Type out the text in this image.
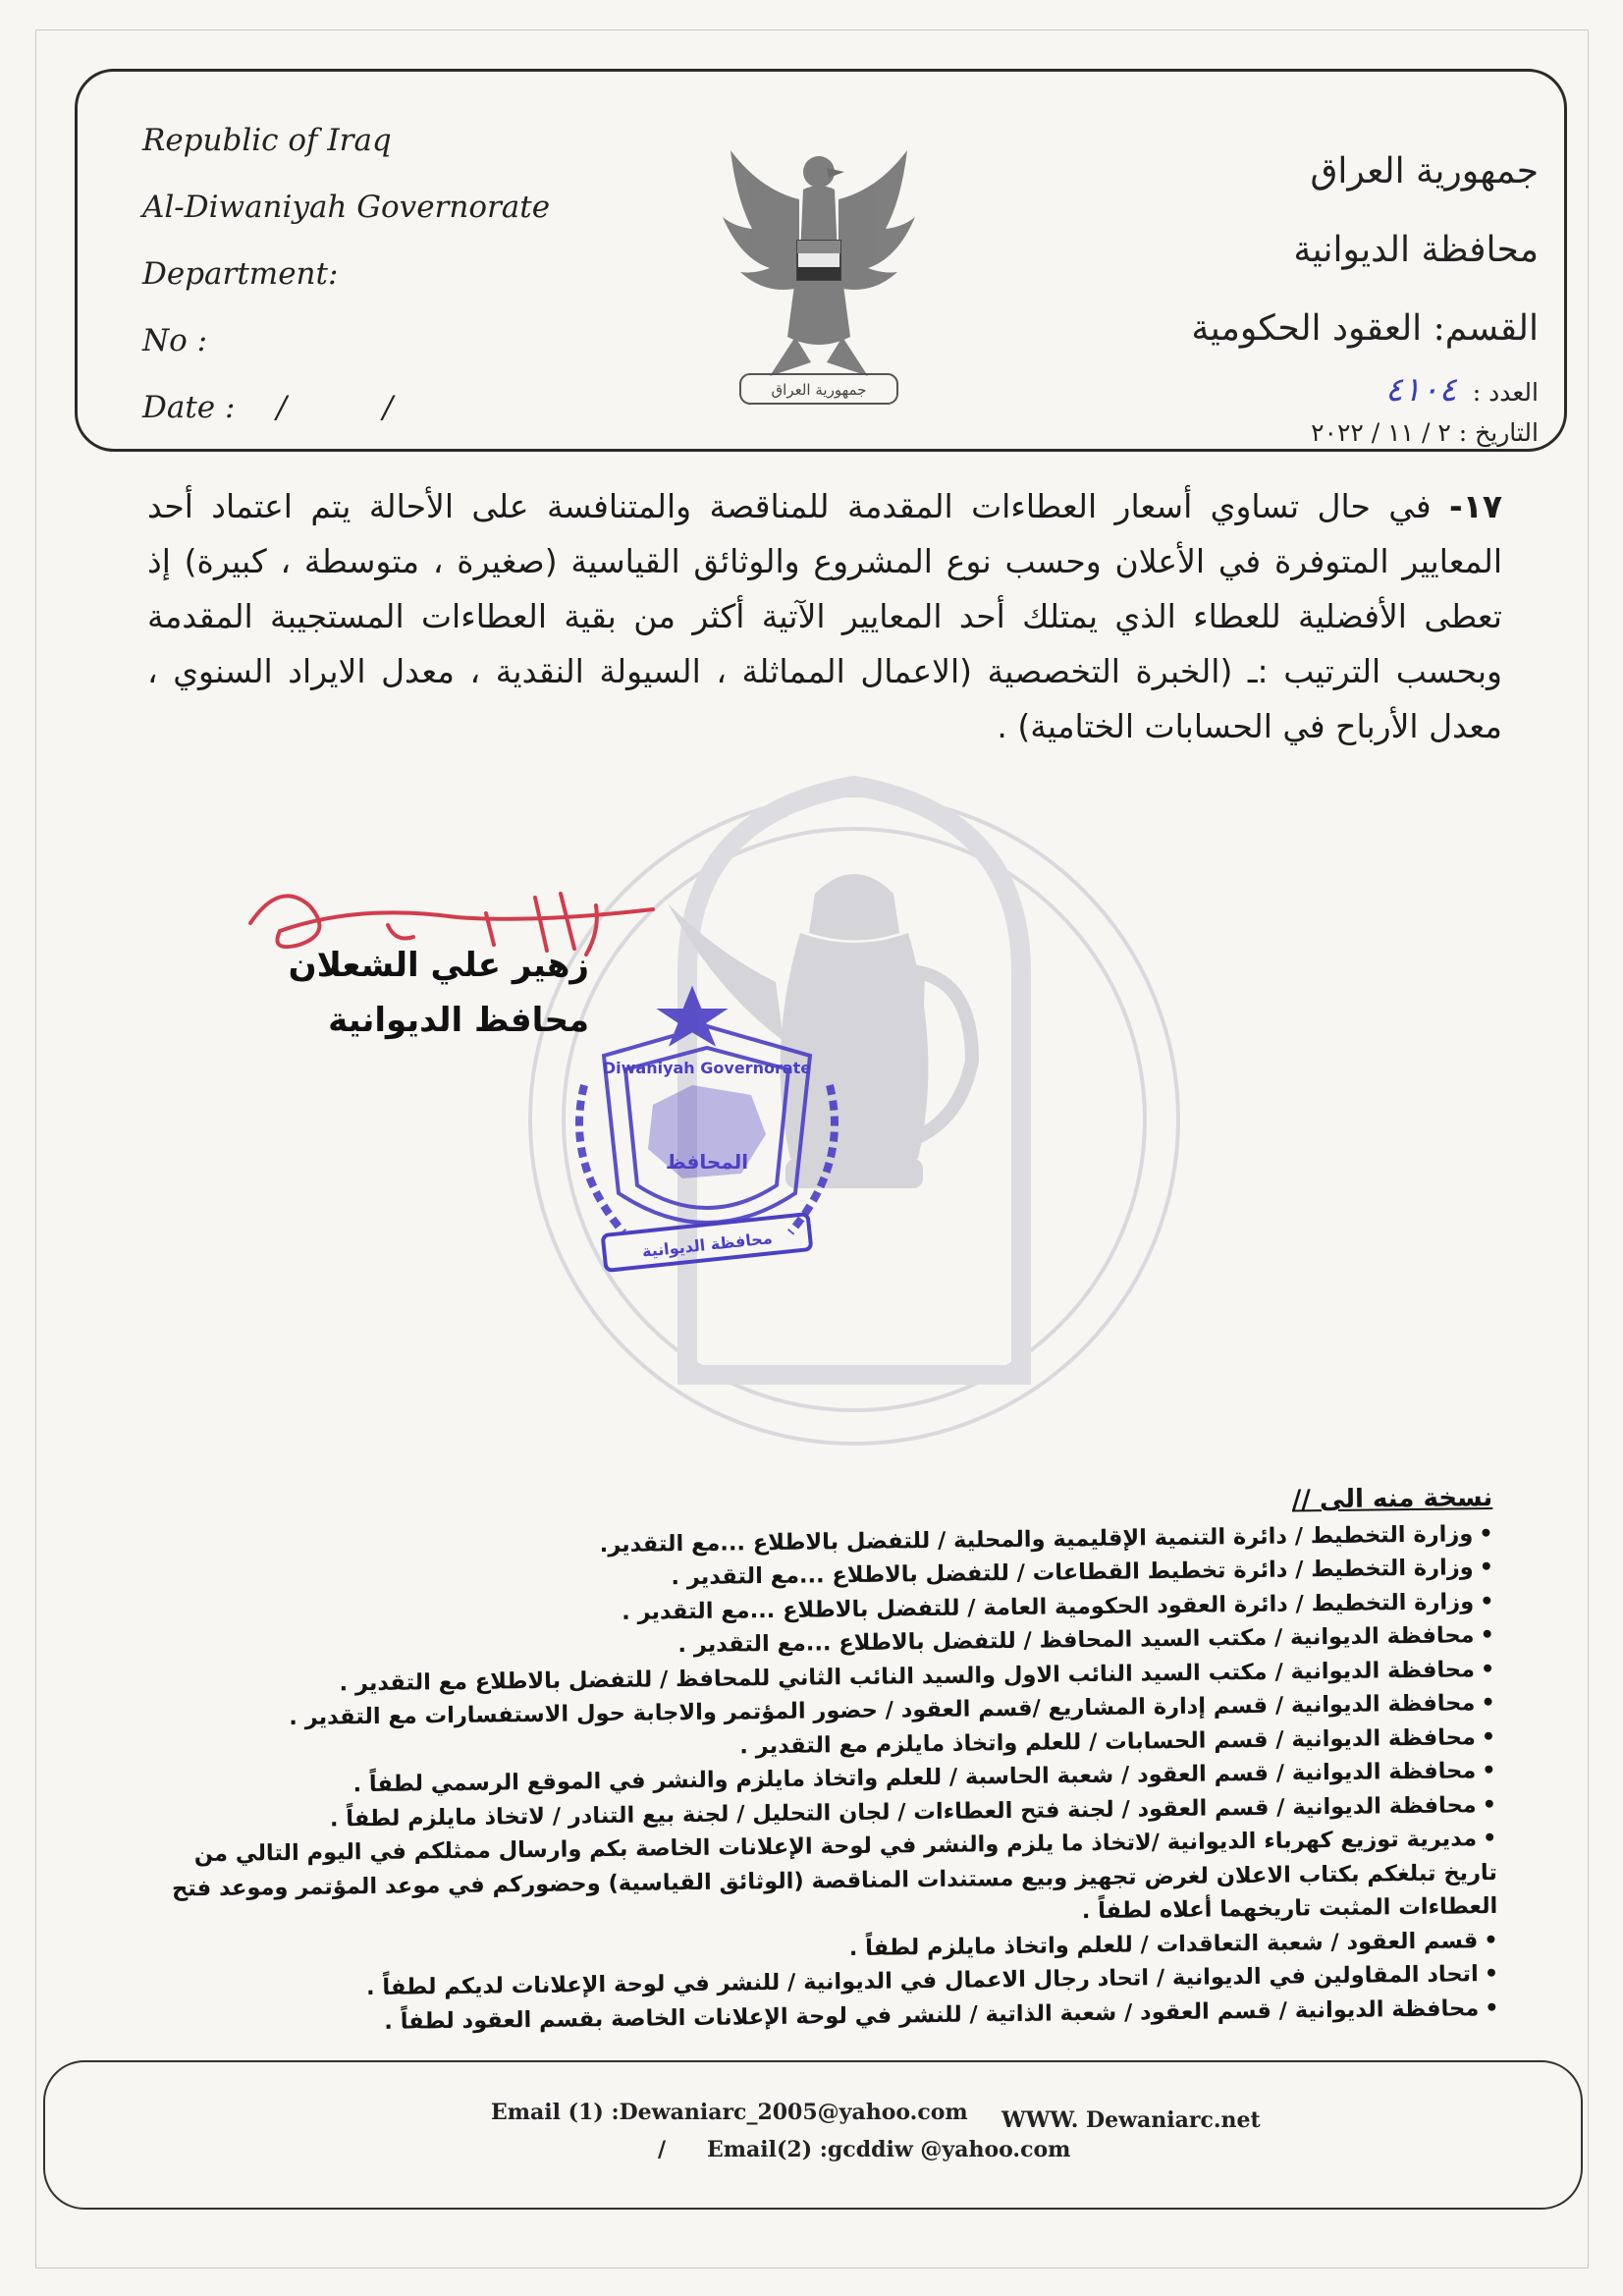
Republic of Iraq
Al-Diwaniyah Governorate
Department:
No :
Date : / /	جمهورية العراق
جمهورية العراق
محافظة الديوانية
القسم: العقود الحكومية
العدد : ٤١٠٤
التاريخ : ٢ / ١١ / ٢٠٢٢
١٧- في حال تساوي أسعار العطاءات المقدمة للمناقصة والمتنافسة على الأحالة يتم اعتماد أحد المعايير المتوفرة في الأعلان وحسب نوع المشروع والوثائق القياسية (صغيرة ، متوسطة ، كبيرة) إذ تعطى الأفضلية للعطاء الذي يمتلك أحد المعايير الآتية أكثر من بقية العطاءات المستجيبة المقدمة وبحسب الترتيب :ـ (الخبرة التخصصية (الاعمال المماثلة ، السيولة النقدية ، معدل الايراد السنوي ، معدل الأرباح في الحسابات الختامية) .
زهير علي الشعلان
محافظ الديوانية
Diwaniyah Governorate
المحافظ
محافظة الديوانية
نسخة منه الى //
•وزارة التخطيط / دائرة التنمية الإقليمية والمحلية / للتفضل بالاطلاع ...مع التقدير.
•وزارة التخطيط / دائرة تخطيط القطاعات / للتفضل بالاطلاع ...مع التقدير .
•وزارة التخطيط / دائرة العقود الحكومية العامة / للتفضل بالاطلاع ...مع التقدير .
•محافظة الديوانية / مكتب السيد المحافظ / للتفضل بالاطلاع ...مع التقدير .
•محافظة الديوانية / مكتب السيد النائب الاول والسيد النائب الثاني للمحافظ / للتفضل بالاطلاع مع التقدير .
•محافظة الديوانية / قسم إدارة المشاريع /قسم العقود / حضور المؤتمر والاجابة حول الاستفسارات مع التقدير .
•محافظة الديوانية / قسم الحسابات / للعلم واتخاذ مايلزم مع التقدير .
•محافظة الديوانية / قسم العقود / شعبة الحاسبة / للعلم واتخاذ مايلزم والنشر في الموقع الرسمي لطفاً .
•محافظة الديوانية / قسم العقود / لجنة فتح العطاءات / لجان التحليل / لجنة بيع التنادر / لاتخاذ مايلزم لطفاً .
•مديرية توزيع كهرباء الديوانية /لاتخاذ ما يلزم والنشر في لوحة الإعلانات الخاصة بكم وارسال ممثلكم في اليوم التالي من تاريخ تبلغكم بكتاب الاعلان لغرض تجهيز وبيع مستندات المناقصة (الوثائق القياسية) وحضوركم في موعد المؤتمر وموعد فتح العطاءات المثبت تاريخهما أعلاه لطفاً .
•قسم العقود / شعبة التعاقدات / للعلم واتخاذ مايلزم لطفاً .
•اتحاد المقاولين في الديوانية / اتحاد رجال الاعمال في الديوانية / للنشر في لوحة الإعلانات لديكم لطفاً .
•محافظة الديوانية / قسم العقود / شعبة الذاتية / للنشر في لوحة الإعلانات الخاصة بقسم العقود لطفاً .
Email (1) :Dewaniarc_2005@yahoo.com WWW. Dewaniarc.net
/ Email(2) :gcddiw @yahoo.com
